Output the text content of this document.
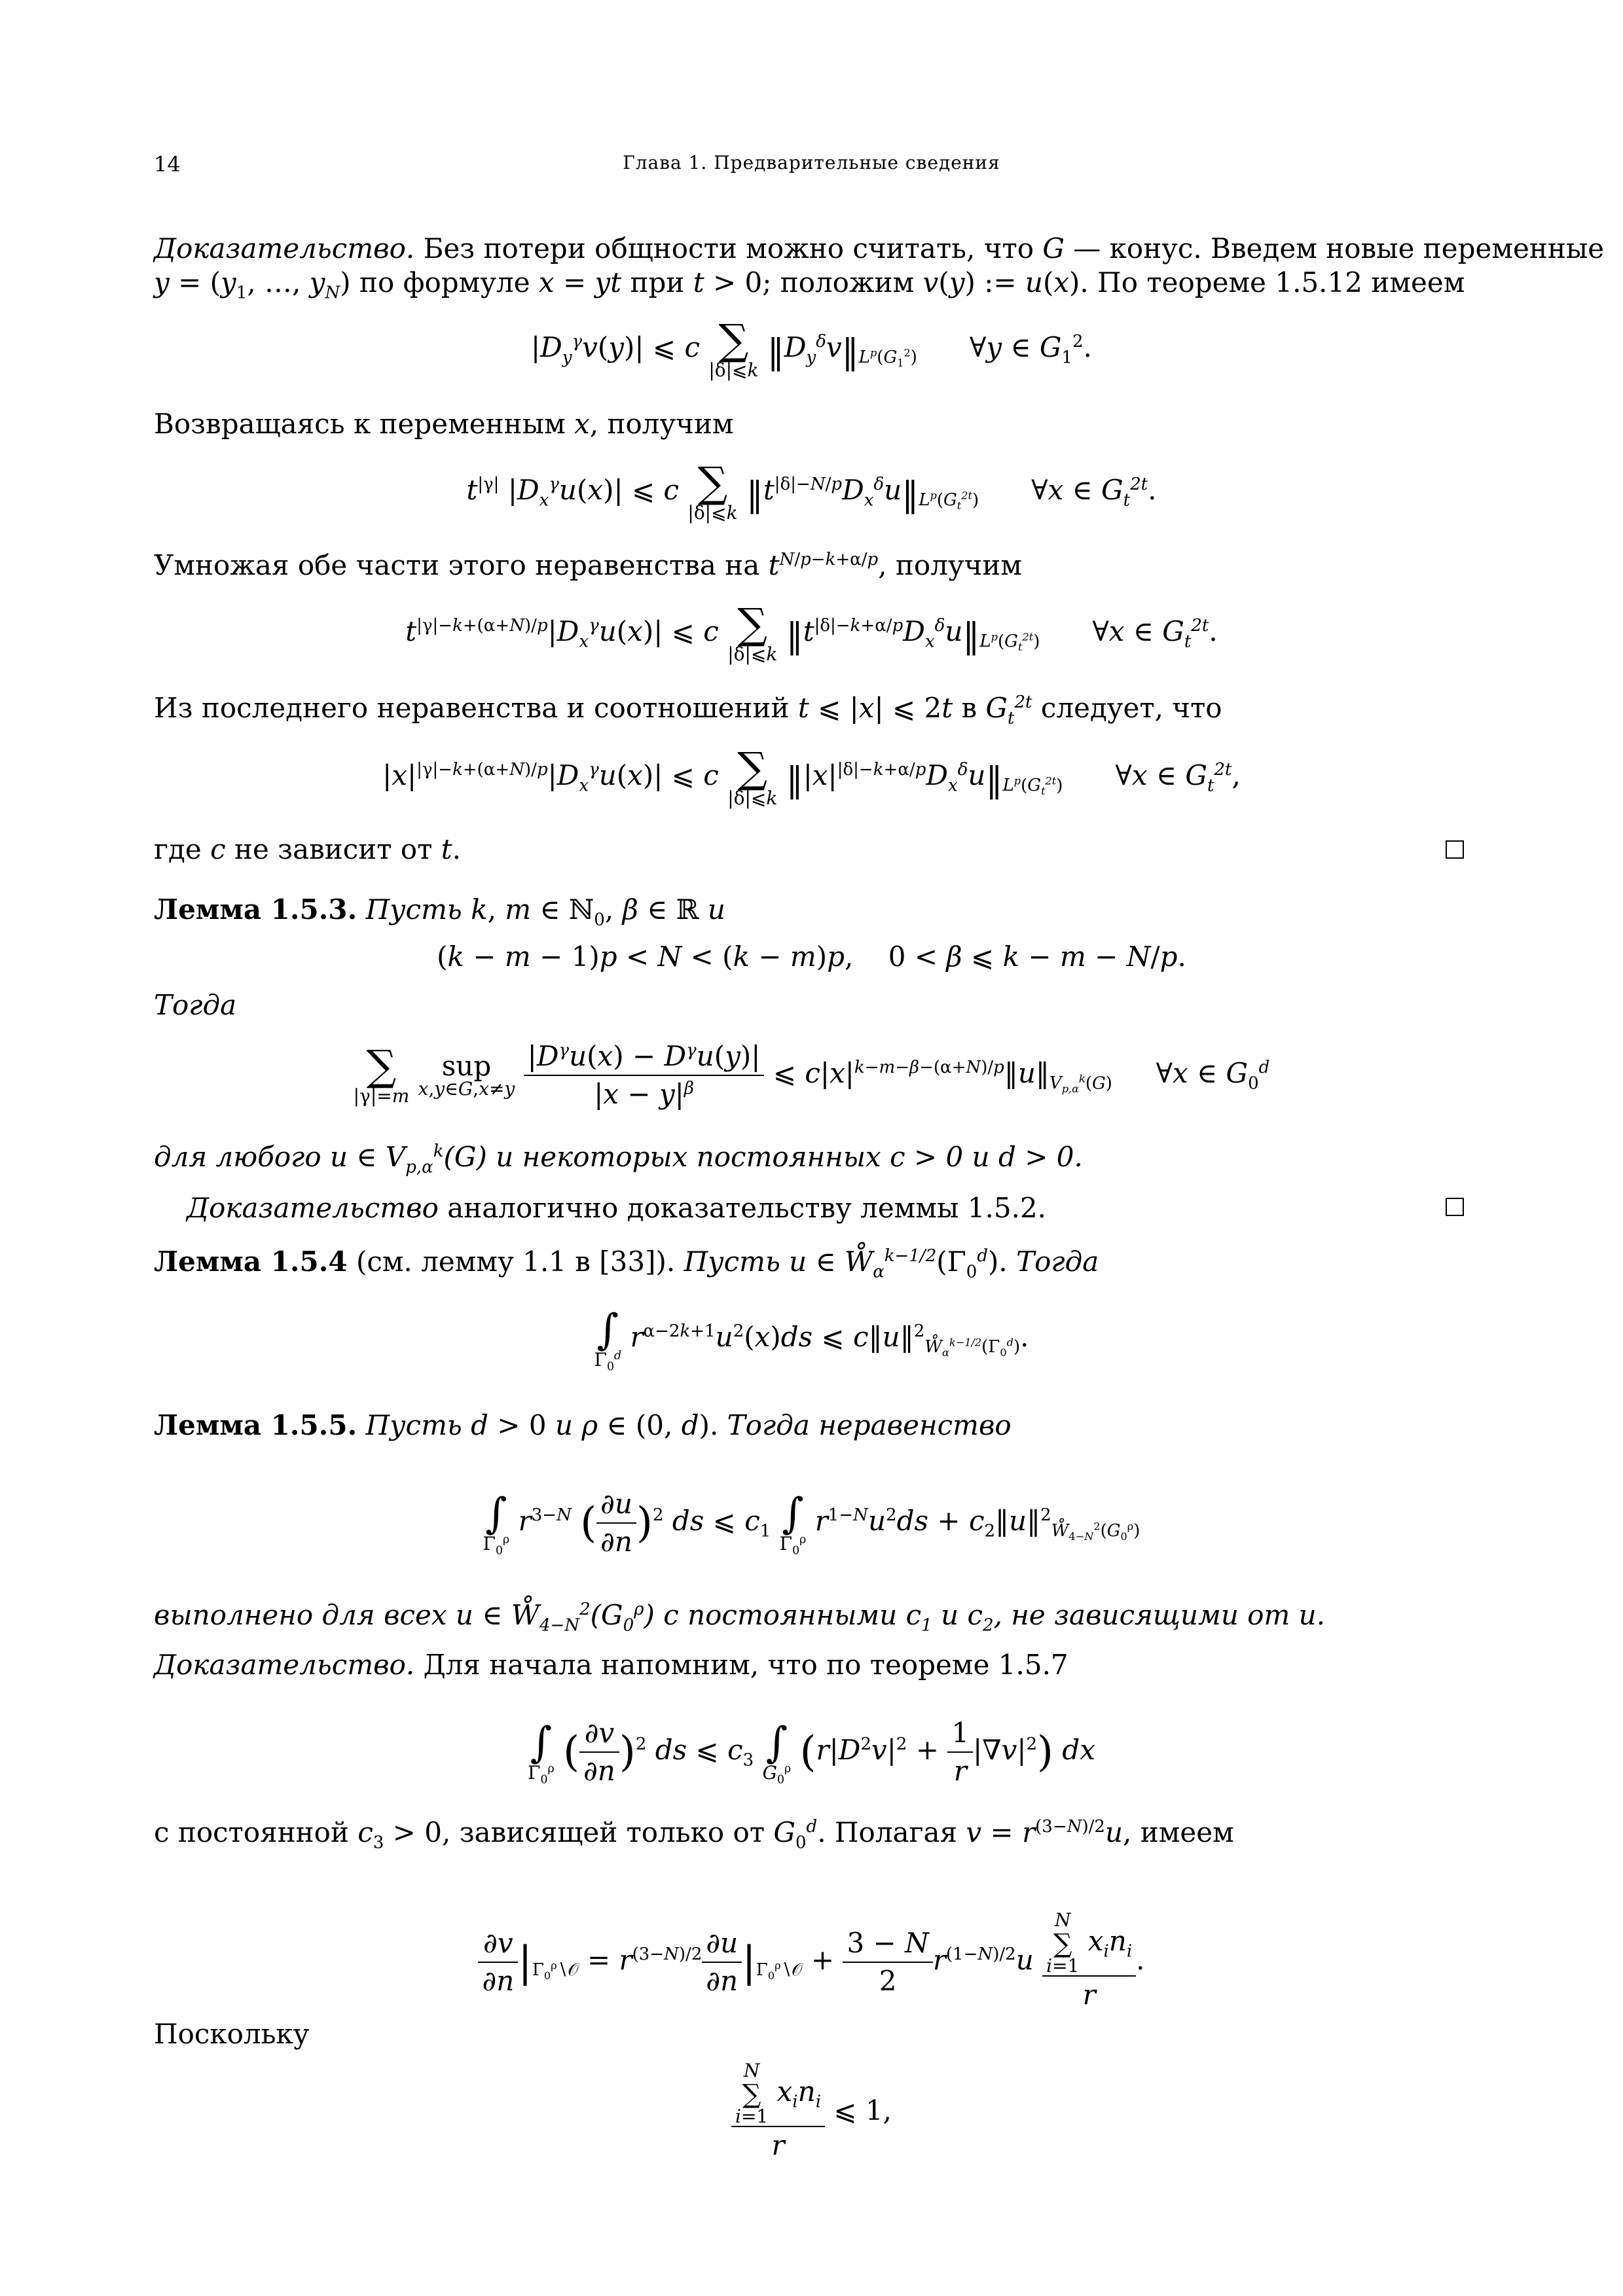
14	Глава 1. Предварительные сведения
Доказательство. Без потери общности можно считать, что G — конус. Введем новые переменные
$y = (y_1$, …, $y_N$) по формуле x = yt при t > 0; положим v(y) := u(x). По теореме 1.5.12 имеем
$|D_y^\gamma v(y)|$ ⩽ c ∑
|δ|⩽k $‖D_y^\delta v‖_{L^p(G_1^2)}$      ∀y ∈ $G_1^2$.
Возвращаясь к переменным x, получим
$t^{|\gamma|}$ $|D_x^\gamma u(x)|$ ⩽ c ∑
|δ|⩽k $‖t^{|\delta|-N/p}D_x^\delta u‖_{L^p(G_t^{2t})}$      ∀x ∈ $G_t^{2t}$.
Умножая обе части этого неравенства на $t^{N/p-k+\alpha/p}$, получим
$t^{|\gamma|-k+(\alpha+N)/p}|D_x^\gamma u(x)|$ ⩽ c ∑
|δ|⩽k $‖t^{|\delta|-k+\alpha/p}D_x^\delta u‖_{L^p(G_t^{2t})}$      ∀x ∈ $G_t^{2t}$.
Из последнего неравенства и соотношений t ⩽ |x| ⩽ 2t в $G_t^{2t}$ следует, что
$|x|^{|\gamma|-k+(\alpha+N)/p}|D_x^\gamma u(x)|$ ⩽ c ∑
|δ|⩽k $‖|x|^{|\delta|-k+\alpha/p}D_x^\delta u‖_{L^p(G_t^{2t})}$      ∀x ∈ $G_t^{2t}$,
где c не зависит от t.
Лемма 1.5.3. Пусть k, m ∈ ℕ$_0$, β ∈ ℝ и
(k − m − 1)p < N < (k − m)p,    0 < β ⩽ k − m − N/p.
Тогда
∑
|γ|=m
sup
x,y∈G,x≠y
$\frac{|D^\gamma u(x) - D^\gamma u(y)|}{|x - y|^\beta}$ ⩽ $c|x|^{k-m-\beta-(\alpha+N)/p}‖u‖_{V_{p,\alpha}^k(G)}$     ∀x ∈ $G_0^d$
для любого u ∈ $V_{p,\alpha}^k(G)$ и некоторых постоянных c > 0 и d > 0.
Доказательство аналогично доказательству леммы 1.5.2.
Лемма 1.5.4 (см. лемму 1.1 в [33]). Пусть u ∈ $W̊_\alpha^{k-1/2}(\Gamma_0^d)$. Тогда
∫
$\Gamma_0^d$
$r^{\alpha-2k+1}u^2(x)ds$ ⩽ c‖u‖$^2_{W̊_\alpha^{k-1/2}(\Gamma_0^d)}$.
Лемма 1.5.5. Пусть d > 0 и ρ ∈ (0, d). Тогда неравенство
∫
$\Gamma_0^\rho$
$r^{3-N}$ ( $\frac{\partial u}{\partial n} )^2$ ds ⩽ $c_1$ ∫
$\Gamma_0^\rho$
$r^{1-N}u^2ds$ + $c_2‖u‖^2_{W̊_{4-N}^2(G_0^\rho)}$
выполнено для всех u ∈ $W̊_{4-N}^2(G_0^\rho)$ с постоянными $c_1$ и $c_2$, не зависящими от u.
Доказательство. Для начала напомним, что по теореме 1.5.7
∫
$\Gamma_0^\rho$ ( $\frac{\partial v}{\partial n} )^2$ ds ⩽ $c_3$ ∫
$G_0^\rho$ $(r|D^2v|^2 + \frac{1}{r} |\nabla v|^2)$ dx
с постоянной $c_3 > 0$, зависящей только от $G_0^d$. Полагая $v = r^{(3-N)/2}u$, имеем
$\frac{\partial v}{\partial n} |_{\Gamma_0^\rho∖𝒪} = r^{(3-N)/2} \frac{\partial u}{\partial n} |_{\Gamma_0^\rho∖𝒪} + \frac{3 - N}{2} r^{(1-N)/2}u$ N
∑
i=1
$x_in_i$
r .
Поскольку
N
∑
i=1
$x_in_i$
r ⩽ 1,
